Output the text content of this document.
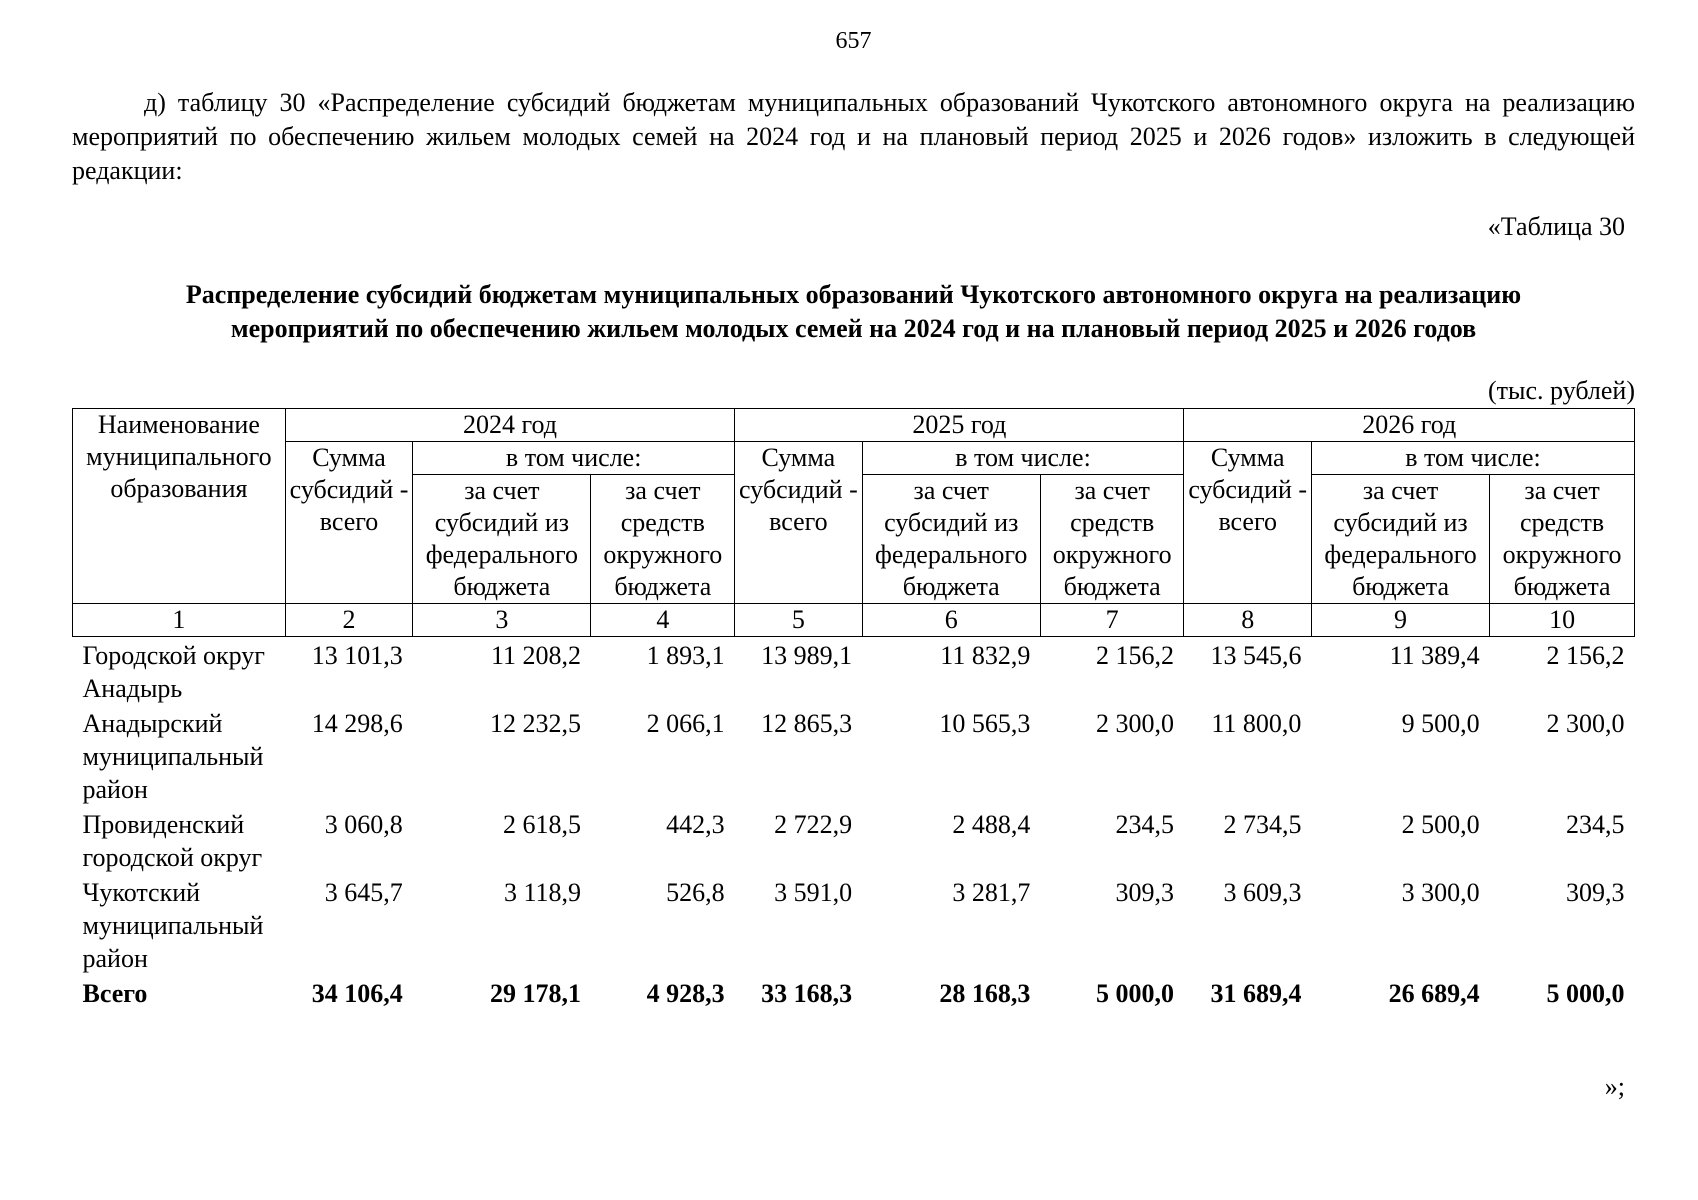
657

д) таблицу 30 «Распределение субсидий бюджетам муниципальных образований Чукотского автономного округа на реализацию мероприятий по обеспечению жильем молодых семей на 2024 год и на плановый период 2025 и 2026 годов» изложить в следующей редакции:

«Таблица 30
Распределение субсидий бюджетам муниципальных образований Чукотского автономного округа на реализацию
мероприятий по обеспечению жильем молодых семей на 2024 год и на плановый период 2025 и 2026 годов
(тыс. рублей)
Наименование муниципального образования	2024 год			2025 год			2026 год		
	Сумма субсидий - всего	в том числе:		Сумма субсидий - всего	в том числе:		Сумма субсидий - всего	в том числе:	
		за счет субсидий из федерального бюджета	за счет средств окружного бюджета		за счет субсидий из федерального бюджета	за счет средств окружного бюджета		за счет субсидий из федерального бюджета	за счет средств окружного бюджета
1	2	3	4	5	6	7	8	9	10
Городской округ Анадырь	13 101,3	11 208,2	1 893,1	13 989,1	11 832,9	2 156,2	13 545,6	11 389,4	2 156,2
Анадырский муниципальный район	14 298,6	12 232,5	2 066,1	12 865,3	10 565,3	2 300,0	11 800,0	9 500,0	2 300,0
Провиденский городской округ	3 060,8	2 618,5	442,3	2 722,9	2 488,4	234,5	2 734,5	2 500,0	234,5
Чукотский муниципальный район	3 645,7	3 118,9	526,8	3 591,0	3 281,7	309,3	3 609,3	3 300,0	309,3
Всего	34 106,4	29 178,1	4 928,3	33 168,3	28 168,3	5 000,0	31 689,4	26 689,4	5 000,0
»;
